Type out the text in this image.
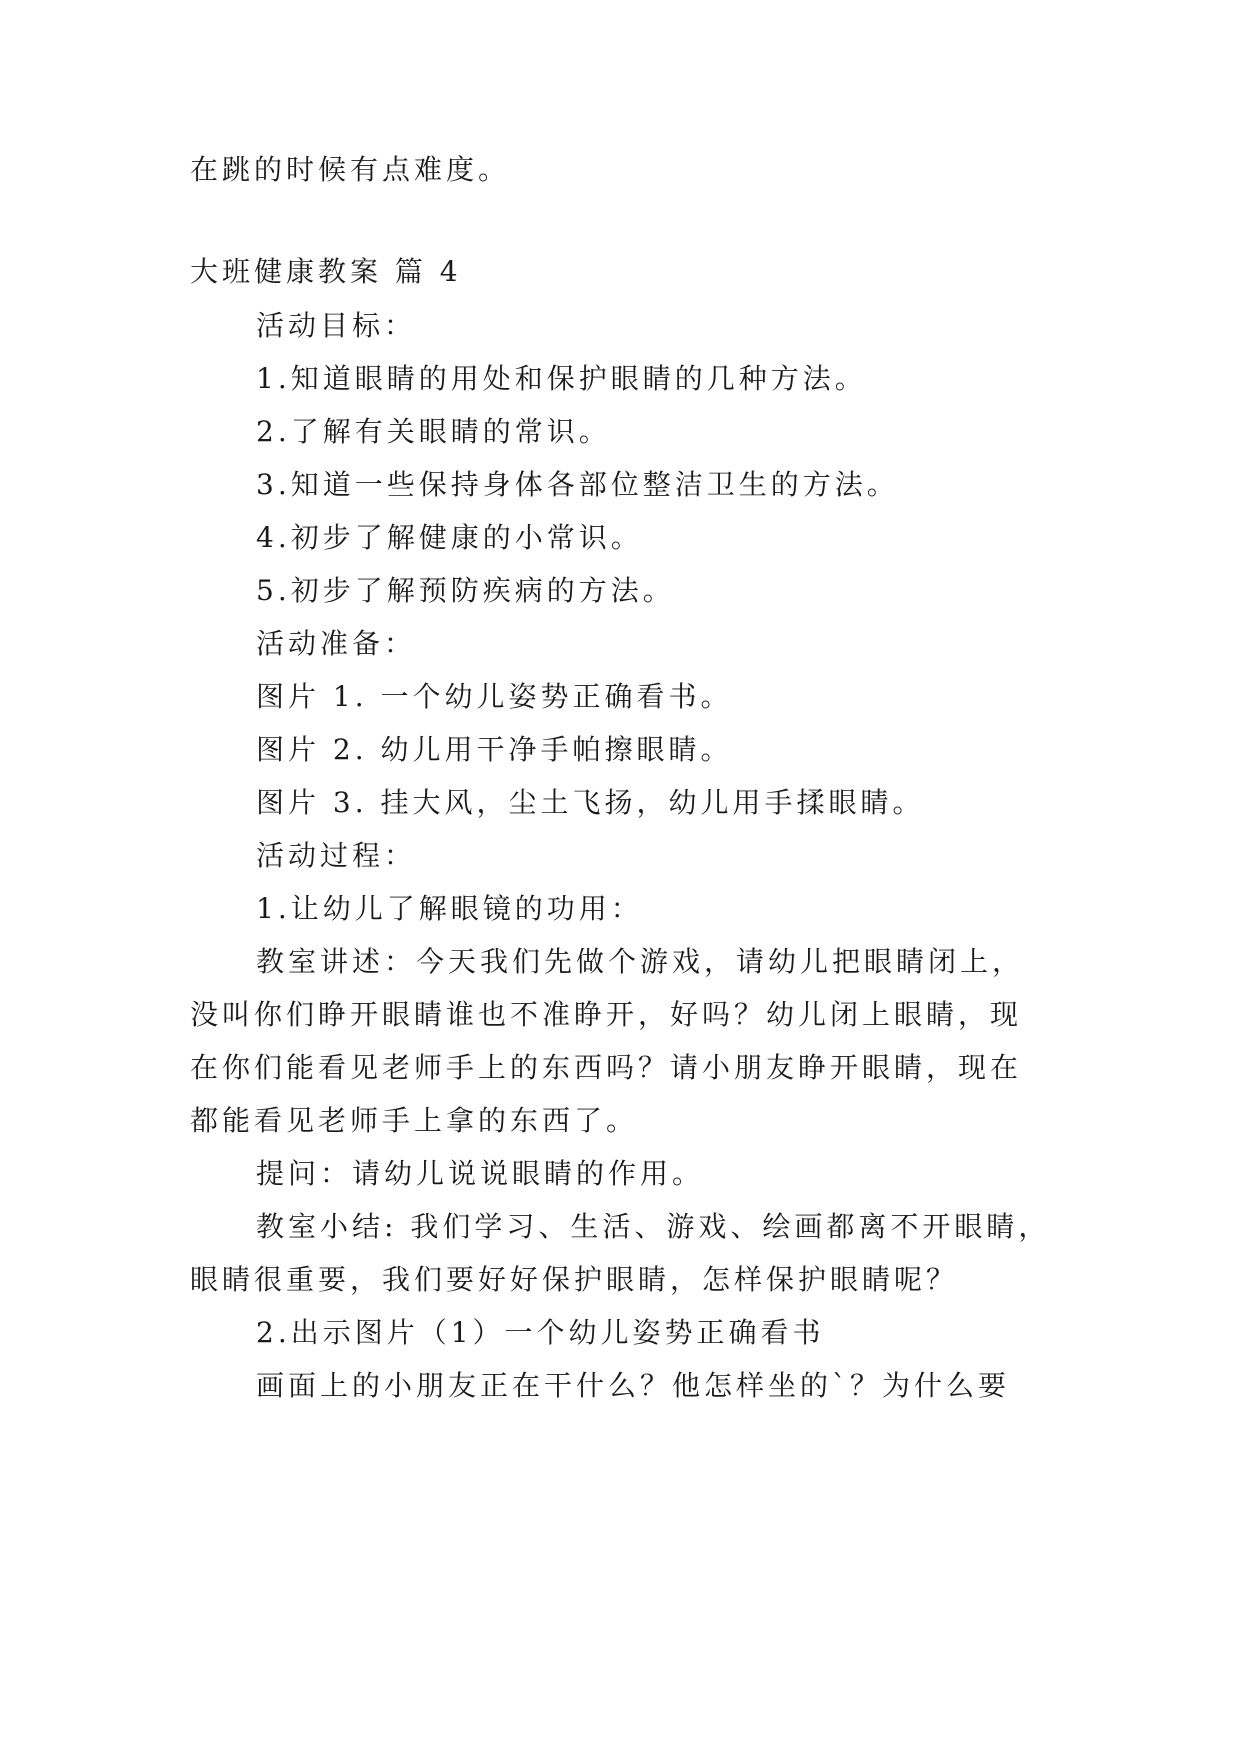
在跳的时候有点难度。
大班健康教案 篇 4
活动目标：
1.知道眼睛的用处和保护眼睛的几种方法。
2.了解有关眼睛的常识。
3.知道一些保持身体各部位整洁卫生的方法。
4.初步了解健康的小常识。
5.初步了解预防疾病的方法。
活动准备：
图片 1. 一个幼儿姿势正确看书。
图片 2. 幼儿用干净手帕擦眼睛。
图片 3. 挂大风，尘土飞扬，幼儿用手揉眼睛。
活动过程：
1.让幼儿了解眼镜的功用：
教室讲述：今天我们先做个游戏，请幼儿把眼睛闭上，
没叫你们睁开眼睛谁也不准睁开，好吗？幼儿闭上眼睛，现
在你们能看见老师手上的东西吗？请小朋友睁开眼睛，现在
都能看见老师手上拿的东西了。
提问：请幼儿说说眼睛的作用。
教室小结: 我们学习、生活、游戏、绘画都离不开眼睛，
眼睛很重要，我们要好好保护眼睛，怎样保护眼睛呢？
2.出示图片（1）一个幼儿姿势正确看书
画面上的小朋友正在干什么？他怎样坐的`？为什么要
